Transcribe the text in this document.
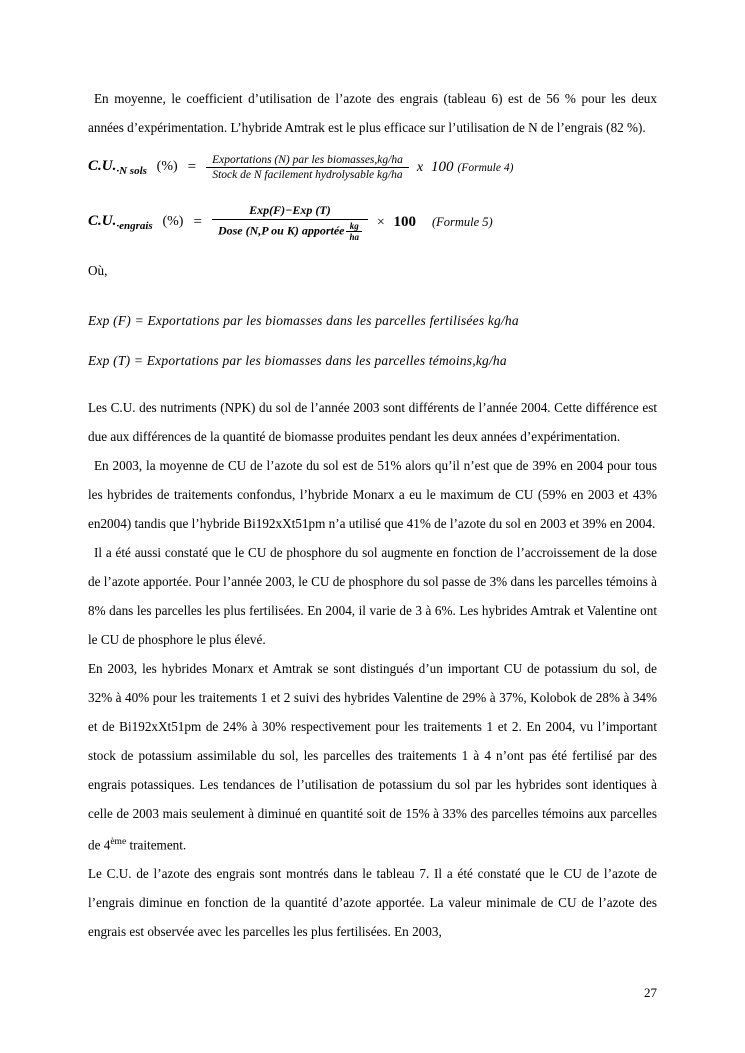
En moyenne, le coefficient d’utilisation de l’azote des engrais (tableau 6) est de 56 % pour les deux années d’expérimentation. L’hybride Amtrak est le plus efficace sur l’utilisation de N de l’engrais (82 %).

$C.U._{\cdot N sols}$ (%) = $\frac{\text{Exportations (N) par les biomasses,kg/ha}}{\text{Stock de N facilement hydrolysable kg/ha}}$ x 100 (Formule 4)
$C.U._{\cdot engrais}$ (%) = $\frac{\text{Exp(F)−Exp (T)}}{Dose (N,P ou K) apportée \frac{kg}{ha}} \times 100$ (Formule 5)

Où,

Exp (F) = Exportations par les biomasses dans les parcelles fertilisées kg/ha
Exp (T) = Exportations par les biomasses dans les parcelles témoins,kg/ha

Les C.U. des nutriments (NPK) du sol de l’année 2003 sont différents de l’année 2004. Cette différence est due aux différences de la quantité de biomasse produites pendant les deux années d’expérimentation.

En 2003, la moyenne de CU de l’azote du sol est de 51% alors qu’il n’est que de 39% en 2004 pour tous les hybrides de traitements confondus, l’hybride Monarx a eu le maximum de CU (59% en 2003 et 43% en2004) tandis que l’hybride Bi192xXt51pm n’a utilisé que 41% de l’azote du sol en 2003 et 39% en 2004.

Il a été aussi constaté que le CU de phosphore du sol augmente en fonction de l’accroissement de la dose de l’azote apportée. Pour l’année 2003, le CU de phosphore du sol passe de 3% dans les parcelles témoins à 8% dans les parcelles les plus fertilisées. En 2004, il varie de 3 à 6%. Les hybrides Amtrak et Valentine ont le CU de phosphore le plus élevé.

En 2003, les hybrides Monarx et Amtrak se sont distingués d’un important CU de potassium du sol, de 32% à 40% pour les traitements 1 et 2 suivi des hybrides Valentine de 29% à 37%, Kolobok de 28% à 34% et de Bi192xXt51pm de 24% à 30% respectivement pour les traitements 1 et 2. En 2004, vu l’important stock de potassium assimilable du sol, les parcelles des traitements 1 à 4 n’ont pas été fertilisé par des engrais potassiques. Les tendances de l’utilisation de potassium du sol par les hybrides sont identiques à celle de 2003 mais seulement à diminué en quantité soit de 15% à 33% des parcelles témoins aux parcelles de 4ème traitement.

Le C.U. de l’azote des engrais sont montrés dans le tableau 7. Il a été constaté que le CU de l’azote de l’engrais diminue en fonction de la quantité d’azote apportée. La valeur minimale de CU de l’azote des engrais est observée avec les parcelles les plus fertilisées. En 2003,

27
